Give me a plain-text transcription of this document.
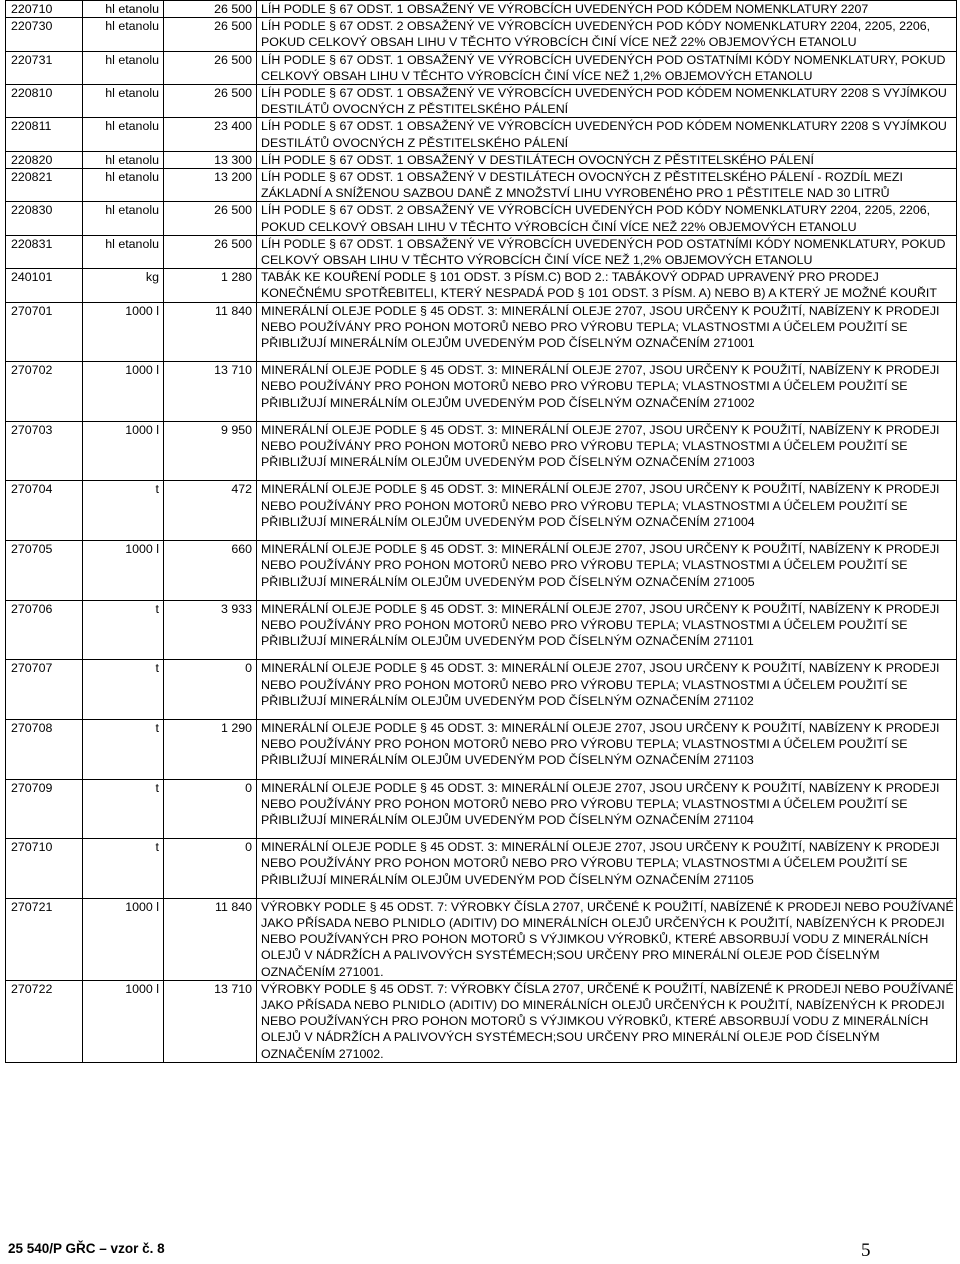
220710	hl etanolu	26 500	LÍH PODLE § 67 ODST. 1 OBSAŽENÝ VE VÝROBCÍCH UVEDENÝCH POD KÓDEM NOMENKLATURY 2207
220730	hl etanolu	26 500	LÍH PODLE § 67 ODST. 2 OBSAŽENÝ VE VÝROBCÍCH UVEDENÝCH POD KÓDY NOMENKLATURY 2204, 2205, 2206, POKUD CELKOVÝ OBSAH LIHU V TĚCHTO VÝROBCÍCH ČINÍ VÍCE NEŽ 22% OBJEMOVÝCH ETANOLU
220731	hl etanolu	26 500	LÍH PODLE § 67 ODST. 1 OBSAŽENÝ VE VÝROBCÍCH UVEDENÝCH POD OSTATNÍMI KÓDY NOMENKLATURY, POKUD CELKOVÝ OBSAH LIHU V TĚCHTO VÝROBCÍCH ČINÍ VÍCE NEŽ 1,2% OBJEMOVÝCH ETANOLU
220810	hl etanolu	26 500	LÍH PODLE § 67 ODST. 1 OBSAŽENÝ VE VÝROBCÍCH UVEDENÝCH POD KÓDEM NOMENKLATURY 2208 S VYJÍMKOU DESTILÁTŮ OVOCNÝCH Z PĚSTITELSKÉHO PÁLENÍ
220811	hl etanolu	23 400	LÍH PODLE § 67 ODST. 1 OBSAŽENÝ VE VÝROBCÍCH UVEDENÝCH POD KÓDEM NOMENKLATURY 2208 S VYJÍMKOU DESTILÁTŮ OVOCNÝCH Z PĚSTITELSKÉHO PÁLENÍ
220820	hl etanolu	13 300	LÍH PODLE § 67 ODST. 1 OBSAŽENÝ V DESTILÁTECH OVOCNÝCH Z PĚSTITELSKÉHO PÁLENÍ
220821	hl etanolu	13 200	LÍH PODLE § 67 ODST. 1 OBSAŽENÝ V DESTILÁTECH OVOCNÝCH Z PĚSTITELSKÉHO PÁLENÍ - ROZDÍL MEZI ZÁKLADNÍ A SNÍŽENOU SAZBOU DANĚ Z MNOŽSTVÍ LIHU VYROBENÉHO PRO 1 PĚSTITELE NAD 30 LITRŮ
220830	hl etanolu	26 500	LÍH PODLE § 67 ODST. 2 OBSAŽENÝ VE VÝROBCÍCH UVEDENÝCH POD KÓDY NOMENKLATURY 2204, 2205, 2206, POKUD CELKOVÝ OBSAH LIHU V TĚCHTO VÝROBCÍCH ČINÍ VÍCE NEŽ 22% OBJEMOVÝCH ETANOLU
220831	hl etanolu	26 500	LÍH PODLE § 67 ODST. 1 OBSAŽENÝ VE VÝROBCÍCH UVEDENÝCH POD OSTATNÍMI KÓDY NOMENKLATURY, POKUD CELKOVÝ OBSAH LIHU V TĚCHTO VÝROBCÍCH ČINÍ VÍCE NEŽ 1,2% OBJEMOVÝCH ETANOLU
240101	kg	1 280	TABÁK KE KOUŘENÍ PODLE § 101 ODST. 3 PÍSM.C) BOD 2.: TABÁKOVÝ ODPAD UPRAVENÝ PRO PRODEJ KONEČNÉMU SPOTŘEBITELI, KTERÝ NESPADÁ POD § 101 ODST. 3 PÍSM. A) NEBO B) A KTERÝ JE MOŽNÉ KOUŘIT
270701	1000 l	11 840	MINERÁLNÍ OLEJE PODLE § 45 ODST. 3: MINERÁLNÍ OLEJE 2707, JSOU URČENY K POUŽITÍ, NABÍZENY K PRODEJI NEBO POUŽÍVÁNY PRO POHON MOTORŮ NEBO PRO VÝROBU TEPLA; VLASTNOSTMI A ÚČELEM POUŽITÍ SE PŘIBLIŽUJÍ MINERÁLNÍM OLEJŮM UVEDENÝM POD ČÍSELNÝM OZNAČENÍM 271001
270702	1000 l	13 710	MINERÁLNÍ OLEJE PODLE § 45 ODST. 3: MINERÁLNÍ OLEJE 2707, JSOU URČENY K POUŽITÍ, NABÍZENY K PRODEJI NEBO POUŽÍVÁNY PRO POHON MOTORŮ NEBO PRO VÝROBU TEPLA; VLASTNOSTMI A ÚČELEM POUŽITÍ SE PŘIBLIŽUJÍ MINERÁLNÍM OLEJŮM UVEDENÝM POD ČÍSELNÝM OZNAČENÍM 271002
270703	1000 l	9 950	MINERÁLNÍ OLEJE PODLE § 45 ODST. 3: MINERÁLNÍ OLEJE 2707, JSOU URČENY K POUŽITÍ, NABÍZENY K PRODEJI NEBO POUŽÍVÁNY PRO POHON MOTORŮ NEBO PRO VÝROBU TEPLA; VLASTNOSTMI A ÚČELEM POUŽITÍ SE PŘIBLIŽUJÍ MINERÁLNÍM OLEJŮM UVEDENÝM POD ČÍSELNÝM OZNAČENÍM 271003
270704	t	472	MINERÁLNÍ OLEJE PODLE § 45 ODST. 3: MINERÁLNÍ OLEJE 2707, JSOU URČENY K POUŽITÍ, NABÍZENY K PRODEJI NEBO POUŽÍVÁNY PRO POHON MOTORŮ NEBO PRO VÝROBU TEPLA; VLASTNOSTMI A ÚČELEM POUŽITÍ SE PŘIBLIŽUJÍ MINERÁLNÍM OLEJŮM UVEDENÝM POD ČÍSELNÝM OZNAČENÍM 271004
270705	1000 l	660	MINERÁLNÍ OLEJE PODLE § 45 ODST. 3: MINERÁLNÍ OLEJE 2707, JSOU URČENY K POUŽITÍ, NABÍZENY K PRODEJI NEBO POUŽÍVÁNY PRO POHON MOTORŮ NEBO PRO VÝROBU TEPLA; VLASTNOSTMI A ÚČELEM POUŽITÍ SE PŘIBLIŽUJÍ MINERÁLNÍM OLEJŮM UVEDENÝM POD ČÍSELNÝM OZNAČENÍM 271005
270706	t	3 933	MINERÁLNÍ OLEJE PODLE § 45 ODST. 3: MINERÁLNÍ OLEJE 2707, JSOU URČENY K POUŽITÍ, NABÍZENY K PRODEJI NEBO POUŽÍVÁNY PRO POHON MOTORŮ NEBO PRO VÝROBU TEPLA; VLASTNOSTMI A ÚČELEM POUŽITÍ SE PŘIBLIŽUJÍ MINERÁLNÍM OLEJŮM UVEDENÝM POD ČÍSELNÝM OZNAČENÍM 271101
270707	t	0	MINERÁLNÍ OLEJE PODLE § 45 ODST. 3: MINERÁLNÍ OLEJE 2707, JSOU URČENY K POUŽITÍ, NABÍZENY K PRODEJI NEBO POUŽÍVÁNY PRO POHON MOTORŮ NEBO PRO VÝROBU TEPLA; VLASTNOSTMI A ÚČELEM POUŽITÍ SE PŘIBLIŽUJÍ MINERÁLNÍM OLEJŮM UVEDENÝM POD ČÍSELNÝM OZNAČENÍM 271102
270708	t	1 290	MINERÁLNÍ OLEJE PODLE § 45 ODST. 3: MINERÁLNÍ OLEJE 2707, JSOU URČENY K POUŽITÍ, NABÍZENY K PRODEJI NEBO POUŽÍVÁNY PRO POHON MOTORŮ NEBO PRO VÝROBU TEPLA; VLASTNOSTMI A ÚČELEM POUŽITÍ SE PŘIBLIŽUJÍ MINERÁLNÍM OLEJŮM UVEDENÝM POD ČÍSELNÝM OZNAČENÍM 271103
270709	t	0	MINERÁLNÍ OLEJE PODLE § 45 ODST. 3: MINERÁLNÍ OLEJE 2707, JSOU URČENY K POUŽITÍ, NABÍZENY K PRODEJI NEBO POUŽÍVÁNY PRO POHON MOTORŮ NEBO PRO VÝROBU TEPLA; VLASTNOSTMI A ÚČELEM POUŽITÍ SE PŘIBLIŽUJÍ MINERÁLNÍM OLEJŮM UVEDENÝM POD ČÍSELNÝM OZNAČENÍM 271104
270710	t	0	MINERÁLNÍ OLEJE PODLE § 45 ODST. 3: MINERÁLNÍ OLEJE 2707, JSOU URČENY K POUŽITÍ, NABÍZENY K PRODEJI NEBO POUŽÍVÁNY PRO POHON MOTORŮ NEBO PRO VÝROBU TEPLA; VLASTNOSTMI A ÚČELEM POUŽITÍ SE PŘIBLIŽUJÍ MINERÁLNÍM OLEJŮM UVEDENÝM POD ČÍSELNÝM OZNAČENÍM 271105
270721	1000 l	11 840	VÝROBKY PODLE § 45 ODST. 7: VÝROBKY ČÍSLA 2707, URČENÉ K POUŽITÍ, NABÍZENÉ K PRODEJI NEBO POUŽÍVANÉ JAKO PŘÍSADA NEBO PLNIDLO (ADITIV) DO MINERÁLNÍCH OLEJŮ URČENÝCH K POUŽITÍ, NABÍZENÝCH K PRODEJI NEBO POUŽÍVANÝCH PRO POHON MOTORŮ S VÝJIMKOU VÝROBKŮ, KTERÉ ABSORBUJÍ VODU Z MINERÁLNÍCH OLEJŮ V NÁDRŽÍCH A PALIVOVÝCH SYSTÉMECH;SOU URČENY PRO MINERÁLNÍ OLEJE POD ČÍSELNÝM OZNAČENÍM 271001.
270722	1000 l	13 710	VÝROBKY PODLE § 45 ODST. 7: VÝROBKY ČÍSLA 2707, URČENÉ K POUŽITÍ, NABÍZENÉ K PRODEJI NEBO POUŽÍVANÉ JAKO PŘÍSADA NEBO PLNIDLO (ADITIV) DO MINERÁLNÍCH OLEJŮ URČENÝCH K POUŽITÍ, NABÍZENÝCH K PRODEJI NEBO POUŽÍVANÝCH PRO POHON MOTORŮ S VÝJIMKOU VÝROBKŮ, KTERÉ ABSORBUJÍ VODU Z MINERÁLNÍCH OLEJŮ V NÁDRŽÍCH A PALIVOVÝCH SYSTÉMECH;SOU URČENY PRO MINERÁLNÍ OLEJE POD ČÍSELNÝM OZNAČENÍM 271002.
25 540/P GŘC – vzor č. 8	5
